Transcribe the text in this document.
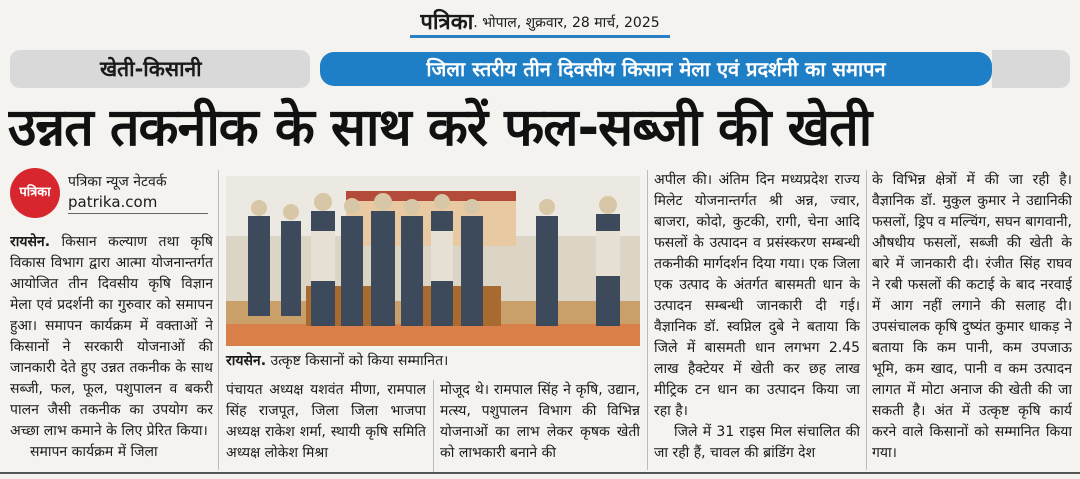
पत्रिका. भोपाल, शुक्रवार, 28 मार्च, 2025
खेती-किसानी	जिला स्तरीय तीन दिवसीय किसान मेला एवं प्रदर्शनी का समापन
उन्नत तकनीक के साथ करें फल-सब्जी की खेती
पत्रिका
पत्रिका न्यूज नेटवर्क
patrika.com
रायसेन. किसान कल्याण तथा कृषि विकास विभाग द्वारा आत्मा योजनान्तर्गत आयोजित तीन दिवसीय कृषि विज्ञान मेला एवं प्रदर्शनी का गुरुवार को समापन हुआ। समापन कार्यक्रम में वक्ताओं ने किसानों ने सरकारी योजनाओं की जानकारी देते हुए उन्नत तकनीक के साथ सब्जी, फल, फूल, पशुपालन व बकरी पालन जैसी तकनीक का उपयोग कर अच्छा लाभ कमाने के लिए प्रेरित किया।
समापन कार्यक्रम में जिला
रायसेन. उत्कृष्ट किसानों को किया सम्मानित।
पंचायत अध्यक्ष यशवंत मीणा, रामपाल सिंह राजपूत, जिला जिला भाजपा अध्यक्ष राकेश शर्मा, स्थायी कृषि समिति अध्यक्ष लोकेश मिश्रा
मोजूद थे। रामपाल सिंह ने कृषि, उद्यान, मत्स्य, पशुपालन विभाग की विभिन्न योजनाओं का लाभ लेकर कृषक खेती को लाभकारी बनाने की
अपील की। अंतिम दिन मध्यप्रदेश राज्य मिलेट योजनान्तर्गत श्री अन्न, ज्वार, बाजरा, कोदो, कुटकी, रागी, चेना आदि फसलों के उत्पादन व प्रसंस्करण सम्बन्धी तकनीकी मार्गदर्शन दिया गया। एक जिला एक उत्पाद के अंतर्गत बासमती धान के उत्पादन सम्बन्धी जानकारी दी गई। वैज्ञानिक डॉ. स्वप्निल दुबे ने बताया कि जिले में बासमती धान लगभग 2.45 लाख हैक्टेयर में खेती कर छह लाख मीट्रिक टन धान का उत्पादन किया जा रहा है।
जिले में 31 राइस मिल संचालित की जा रही हैं, चावल की ब्रांडिंग देश
के विभिन्न क्षेत्रों में की जा रही है। वैज्ञानिक डॉ. मुकुल कुमार ने उद्यानिकी फसलों, ड्रिप व मल्चिंग, सघन बागवानी, औषधीय फसलों, सब्जी की खेती के बारे में जानकारी दी। रंजीत सिंह राघव ने रबी फसलों की कटाई के बाद नरवाई में आग नहीं लगाने की सलाह दी। उपसंचालक कृषि दुष्यंत कुमार धाकड़ ने बताया कि कम पानी, कम उपजाऊ भूमि, कम खाद, पानी व कम उत्पादन लागत में मोटा अनाज की खेती की जा सकती है। अंत में उत्कृष्ट कृषि कार्य करने वाले किसानों को सम्मानित किया गया।
